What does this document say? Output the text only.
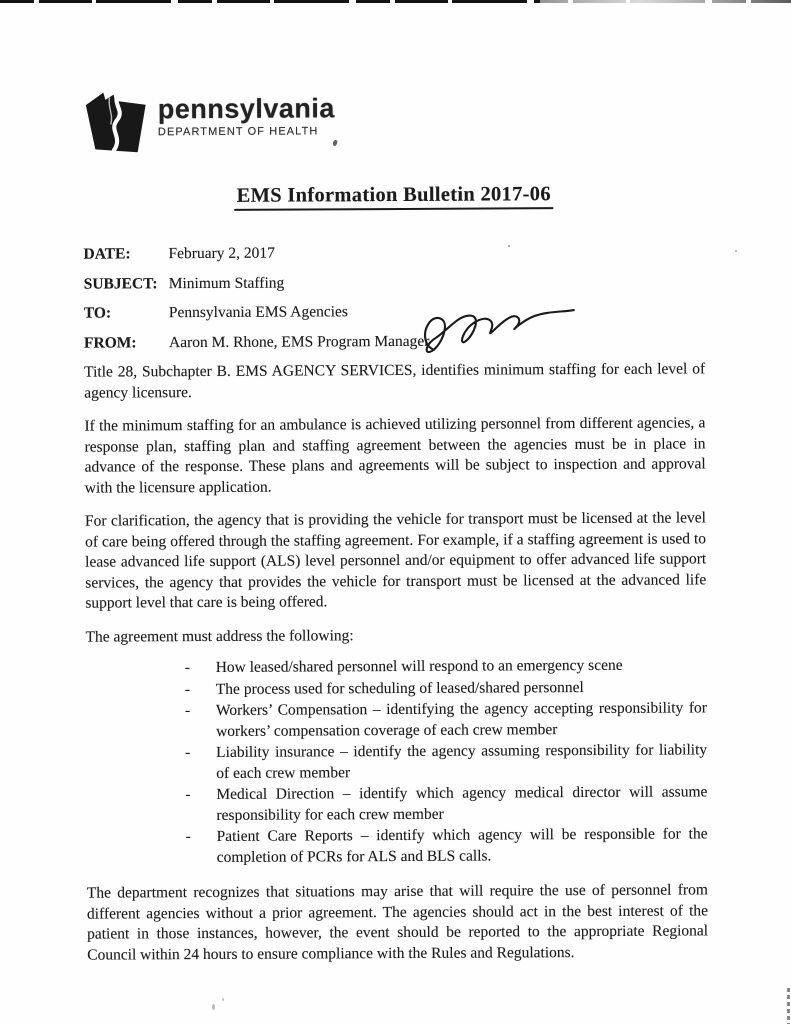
pennsylvania
DEPARTMENT OF HEALTH
EMS Information Bulletin 2017-06
DATE:	February 2, 2017
SUBJECT: Minimum Staffing
TO:	Pennsylvania EMS Agencies
FROM:	Aaron M. Rhone, EMS Program Manager

Title 28, Subchapter B. EMS AGENCY SERVICES, identifies minimum staffing for each level of agency licensure.

If the minimum staffing for an ambulance is achieved utilizing personnel from different agencies, a response plan, staffing plan and staffing agreement between the agencies must be in place in advance of the response. These plans and agreements will be subject to inspection and approval with the licensure application.

For clarification, the agency that is providing the vehicle for transport must be licensed at the level of care being offered through the staffing agreement. For example, if a staffing agreement is used to lease advanced life support (ALS) level personnel and/or equipment to offer advanced life support services, the agency that provides the vehicle for transport must be licensed at the advanced life support level that care is being offered.

The agreement must address the following:

-	How leased/shared personnel will respond to an emergency scene
-	The process used for scheduling of leased/shared personnel
-	Workers’ Compensation – identifying the agency accepting responsibility for workers’ compensation coverage of each crew member
-	Liability insurance – identify the agency assuming responsibility for liability of each crew member
-	Medical Direction – identify which agency medical director will assume responsibility for each crew member
-	Patient Care Reports – identify which agency will be responsible for the completion of PCRs for ALS and BLS calls.

The department recognizes that situations may arise that will require the use of personnel from different agencies without a prior agreement. The agencies should act in the best interest of the patient in those instances, however, the event should be reported to the appropriate Regional Council within 24 hours to ensure compliance with the Rules and Regulations.
